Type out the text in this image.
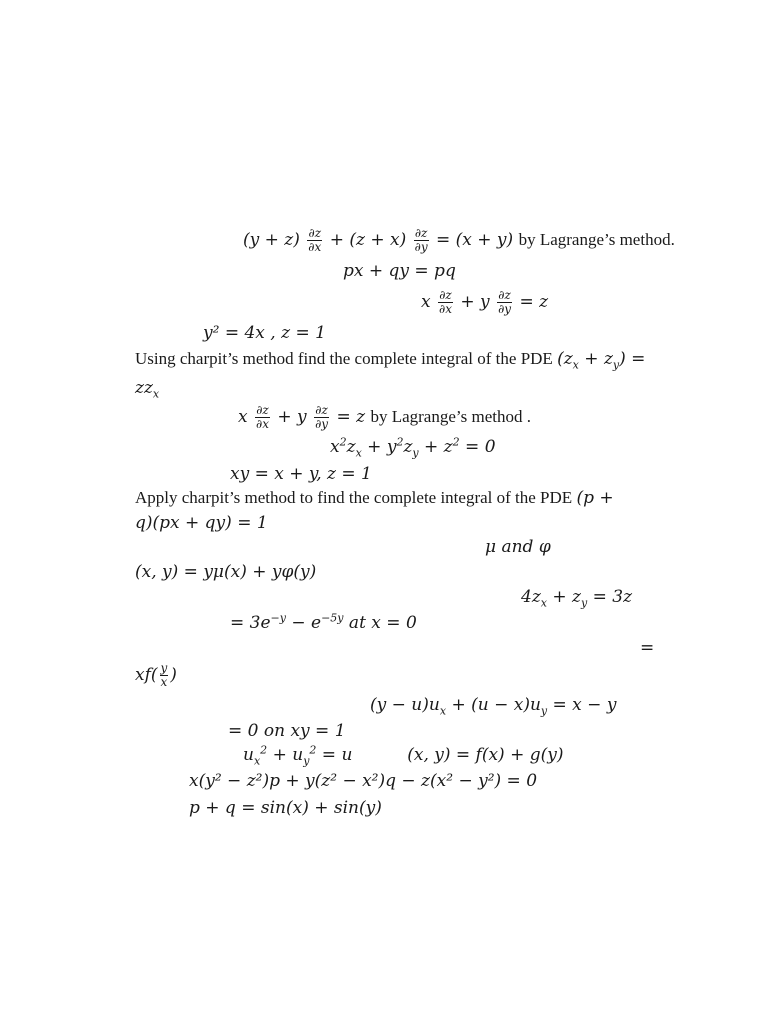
$(y + z) \frac{\partial z}{\partial x} + (z + x) \frac{\partial z}{\partial y} = (x + y)$ by Lagrange’s method.
px + qy = pq
x $\frac{\partial z}{\partial x} + y \frac{\partial z}{\partial y} = z$
y² = 4x , z = 1
Using charpit’s method find the complete integral of the PDE $(z_x + z_y)$ =
$zz_x$
x $\frac{\partial z}{\partial x} + y \frac{\partial z}{\partial y} = z$ by Lagrange’s method .
$x^2z_x + y^2z_y + z^2 = 0$
xy = x + y, z = 1
Apply charpit’s method to find the complete integral of the PDE (p +
q)(px + qy) = 1
μ and φ
(x, y) = yμ(x) + yφ(y)
$4z_x + z_y = 3z$
= $3e^{-y} - e^{-5y}$ at x = 0
=
$xf( \frac{y}{x}$ )
$(y - u)u_x + (u - x)u_y = x - y$
= 0 on xy = 1
$u_x^2 + u_y^2 = u$	(x, y) = f(x) + g(y)
x(y² − z²)p + y(z² − x²)q − z(x² − y²) = 0
p + q = sin(x) + sin(y)
